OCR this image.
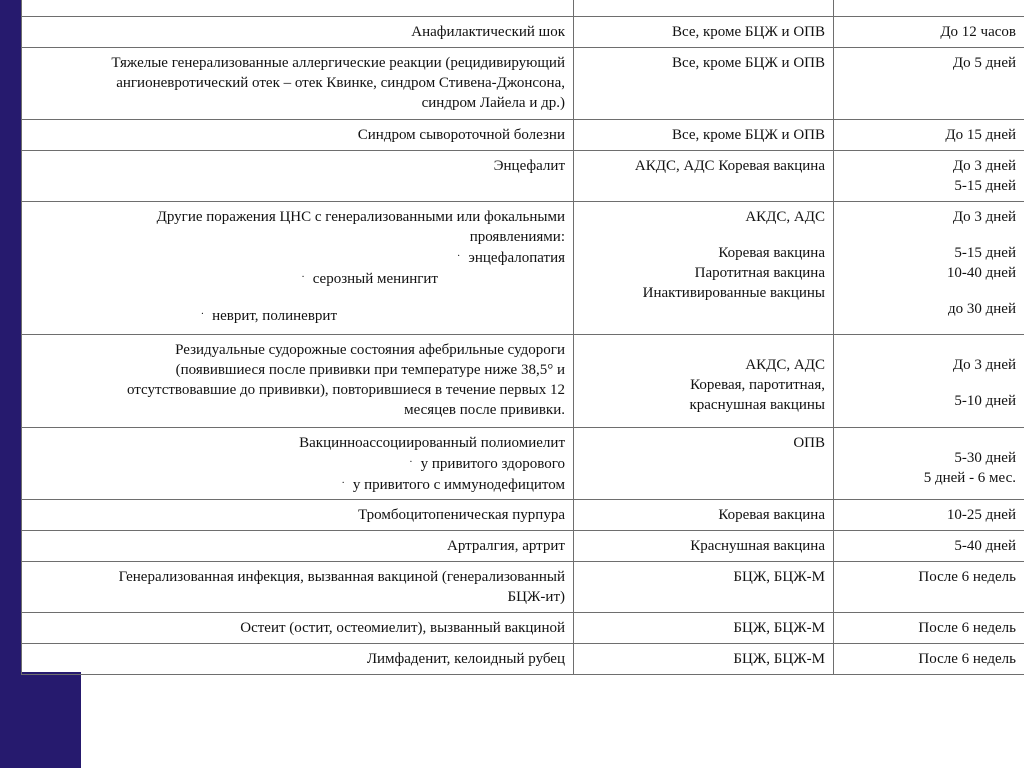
Анафилактический шок	Все, кроме БЦЖ и ОПВ	До 12 часов

Тяжелые генерализованные аллергические реакции (рецидивирующий
ангионевротический отек – отек Квинке, синдром Стивена-Джонсона,
синдром Лайела и др.)	Все, кроме БЦЖ и ОПВ	До 5 дней

Синдром сывороточной болезни	Все, кроме БЦЖ и ОПВ	До 15 дней

Энцефалит	АКДС, АДС Коревая вакцина	До 3 дней
5-15 дней

Другие поражения ЦНС с генерализованными или фокальными
проявлениями:
· энцефалопатия
· серозный менингит
· неврит, полиневрит	АКДС, АДС
Коревая вакцина
Паротитная вакцина
Инактивированные вакцины	До 3 дней
5-15 дней
10-40 дней
до 30 дней

Резидуальные судорожные состояния афебрильные судороги
(появившиеся после прививки при температуре ниже 38,5° и
отсутствовавшие до прививки), повторившиеся в течение первых 12
месяцев после прививки.	АКДС, АДС
Коревая, паротитная,
краснушная вакцины	До 3 дней
5-10 дней

Вакцинноассоциированный полиомиелит
· у привитого здорового
· у привитого с иммунодефицитом	ОПВ	5-30 дней
5 дней - 6 мес.

Тромбоцитопеническая пурпура	Коревая вакцина	10-25 дней

Артралгия, артрит	Краснушная вакцина	5-40 дней

Генерализованная инфекция, вызванная вакциной (генерализованный
БЦЖ-ит)	БЦЖ, БЦЖ-М	После 6 недель

Остеит (остит, остеомиелит), вызванный вакциной	БЦЖ, БЦЖ-М	После 6 недель

Лимфаденит, келоидный рубец	БЦЖ, БЦЖ-М	После 6 недель
